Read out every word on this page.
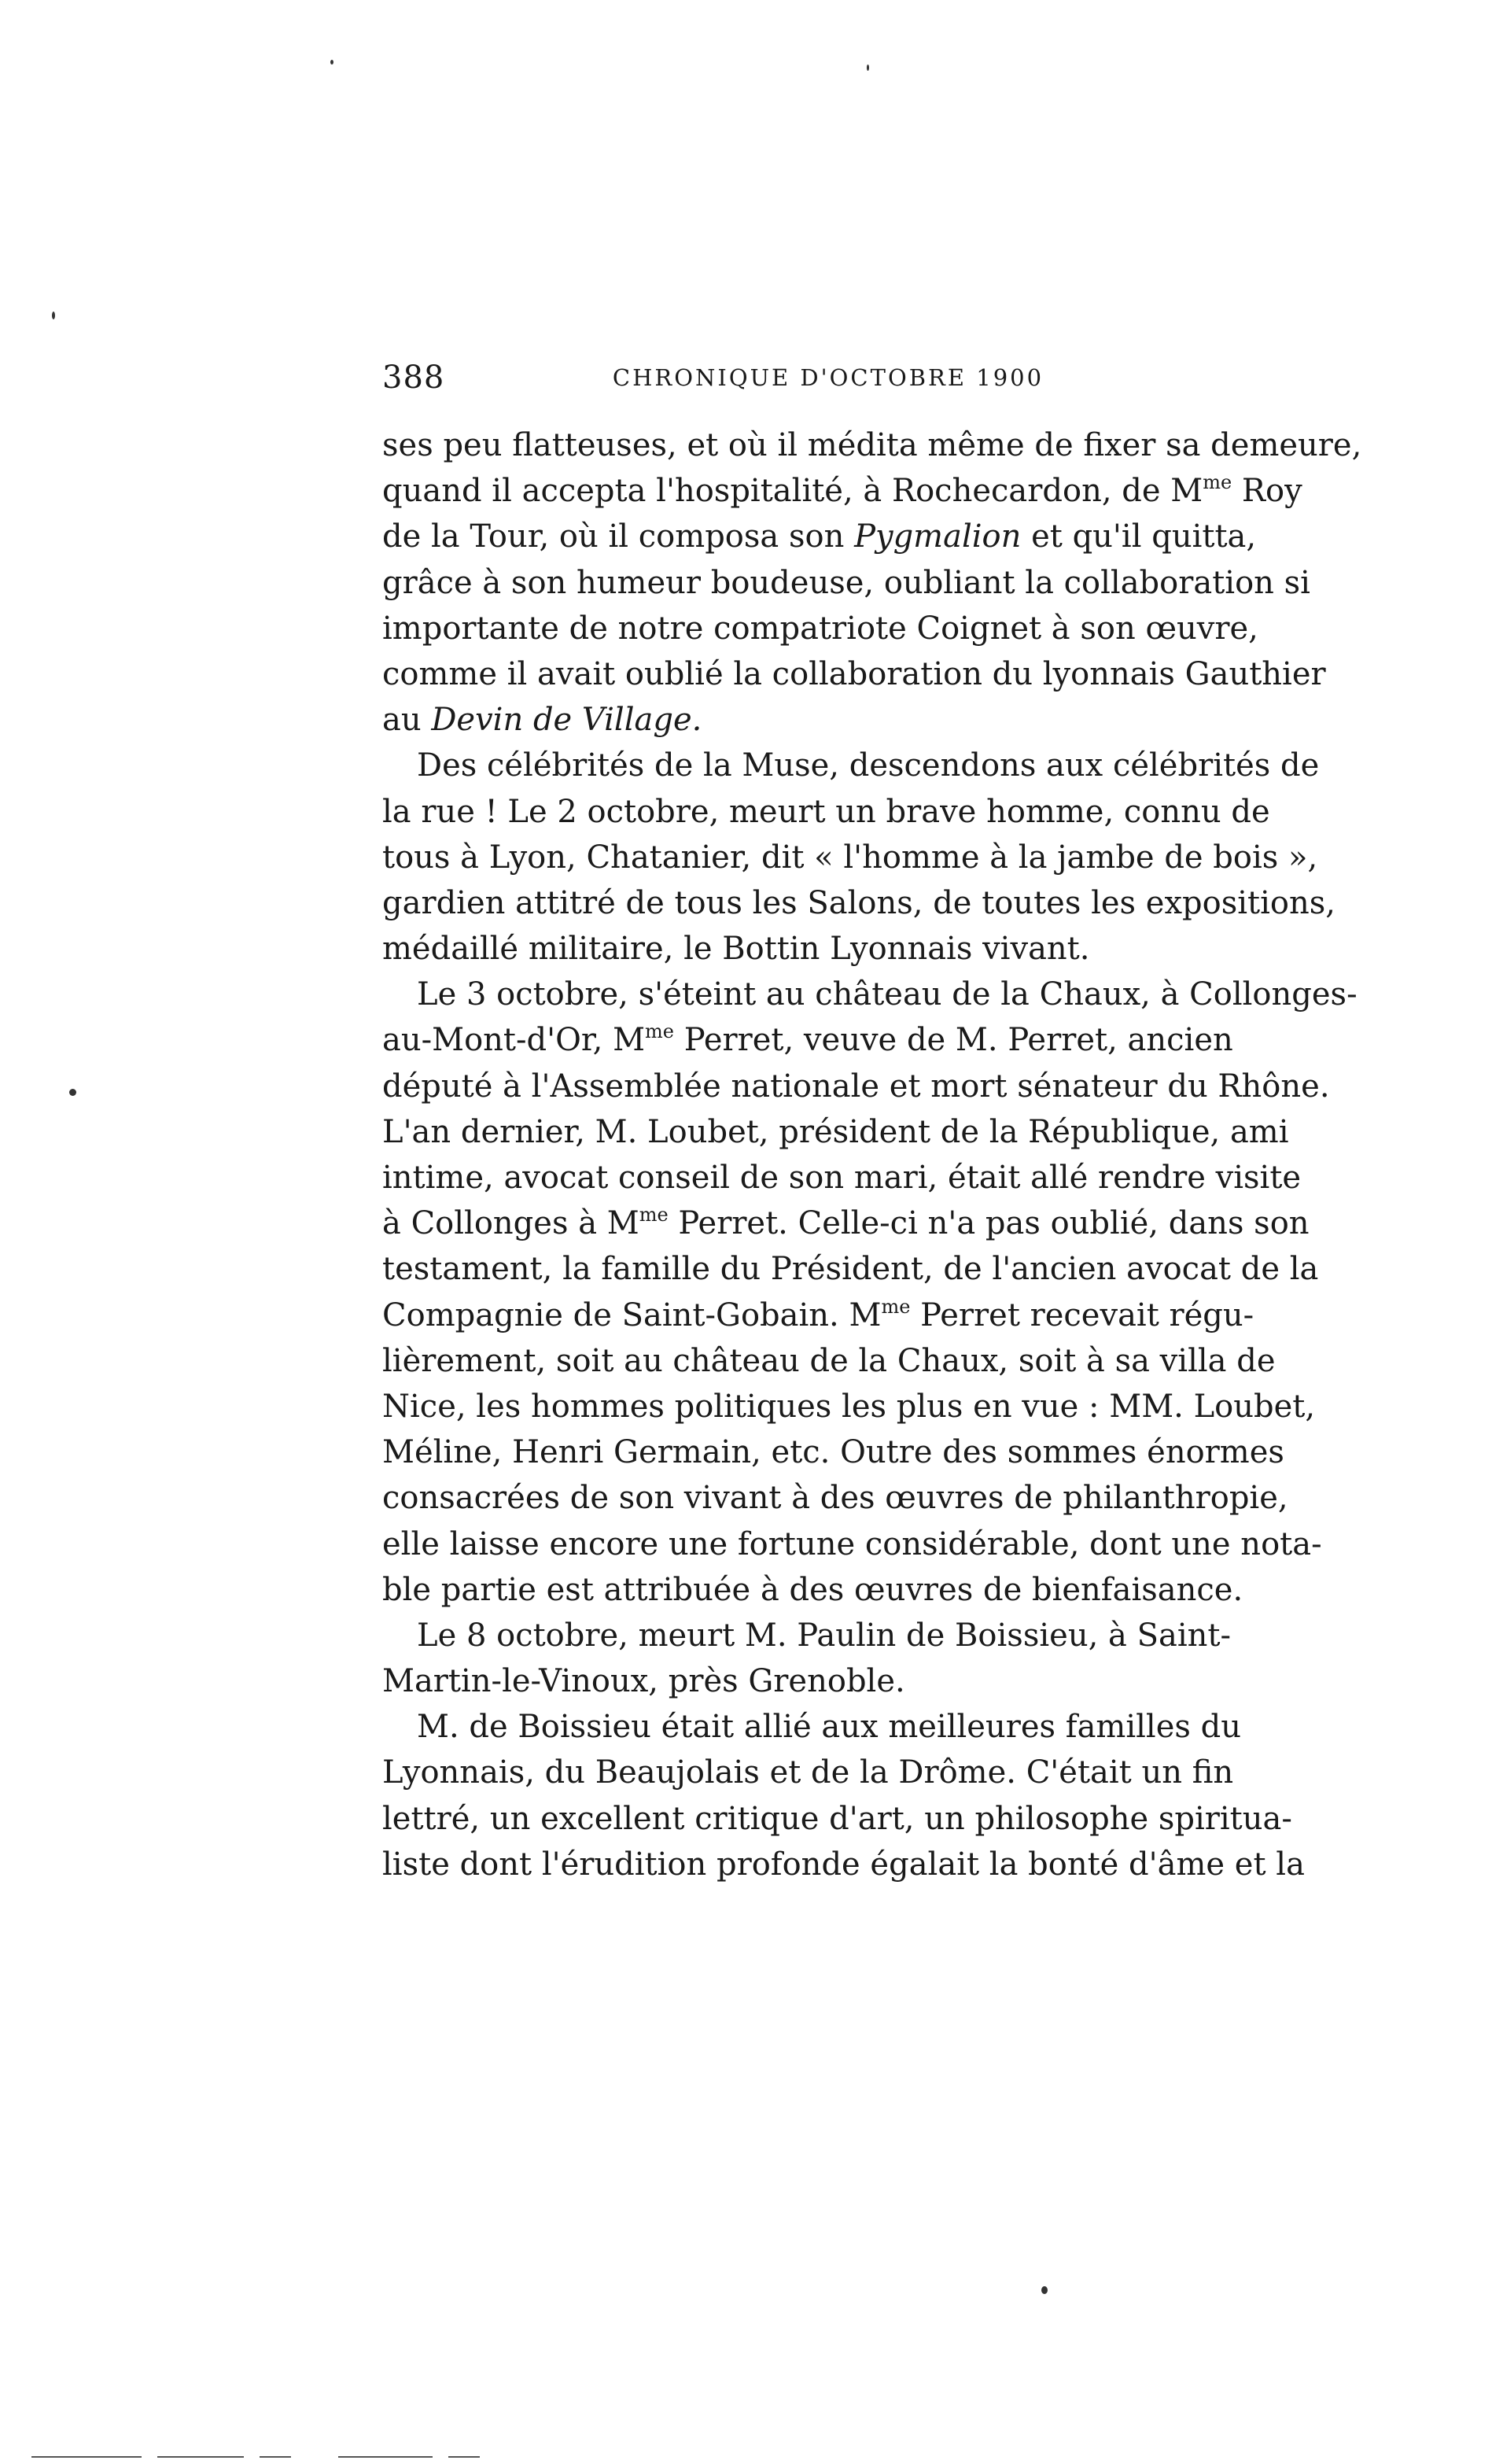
388	CHRONIQUE D'OCTOBRE 1900
ses peu flatteuses, et où il médita même de fixer sa demeure,
quand il accepta l'hospitalité, à Rochecardon, de $M^{me}$ Roy
de la Tour, où il composa son Pygmalion et qu'il quitta,
grâce à son humeur boudeuse, oubliant la collaboration si
importante de notre compatriote Coignet à son œuvre,
comme il avait oublié la collaboration du lyonnais Gauthier
au Devin de Village.
Des célébrités de la Muse, descendons aux célébrités de
la rue ! Le 2 octobre, meurt un brave homme, connu de
tous à Lyon, Chatanier, dit « l'homme à la jambe de bois »,
gardien attitré de tous les Salons, de toutes les expositions,
médaillé militaire, le Bottin Lyonnais vivant.
Le 3 octobre, s'éteint au château de la Chaux, à Collonges-
au-Mont-d'Or, $M^{me}$ Perret, veuve de M. Perret, ancien
député à l'Assemblée nationale et mort sénateur du Rhône.
L'an dernier, M. Loubet, président de la République, ami
intime, avocat conseil de son mari, était allé rendre visite
à Collonges à $M^{me}$ Perret. Celle-ci n'a pas oublié, dans son
testament, la famille du Président, de l'ancien avocat de la
Compagnie de Saint-Gobain. $M^{me}$ Perret recevait régu-
lièrement, soit au château de la Chaux, soit à sa villa de
Nice, les hommes politiques les plus en vue : MM. Loubet,
Méline, Henri Germain, etc. Outre des sommes énormes
consacrées de son vivant à des œuvres de philanthropie,
elle laisse encore une fortune considérable, dont une nota-
ble partie est attribuée à des œuvres de bienfaisance.
Le 8 octobre, meurt M. Paulin de Boissieu, à Saint-
Martin-le-Vinoux, près Grenoble.
M. de Boissieu était allié aux meilleures familles du
Lyonnais, du Beaujolais et de la Drôme. C'était un fin
lettré, un excellent critique d'art, un philosophe spiritua-
liste dont l'érudition profonde égalait la bonté d'âme et la
